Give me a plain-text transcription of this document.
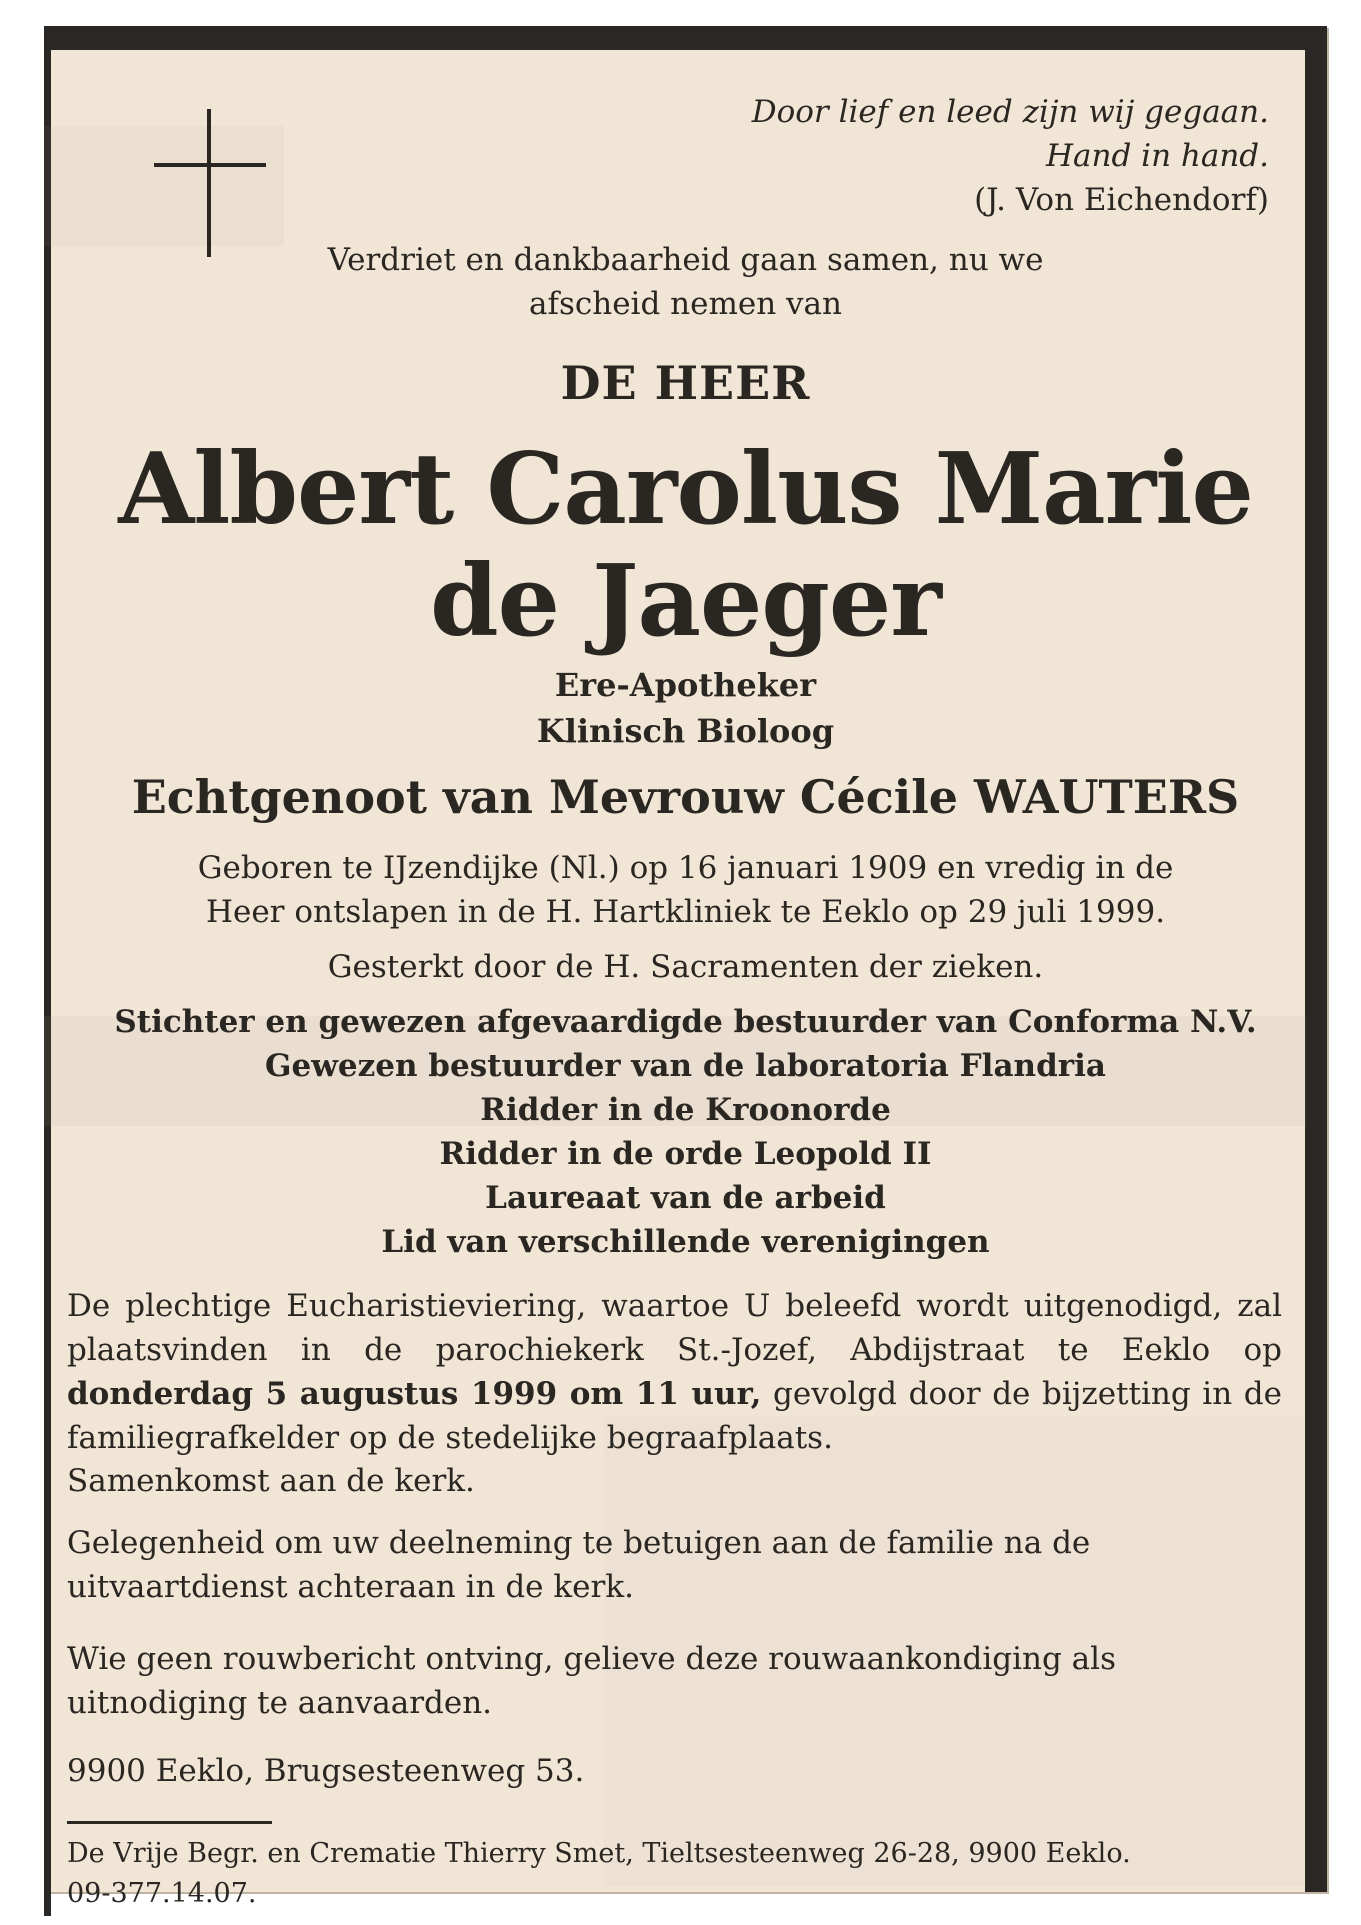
Door lief en leed zijn wij gegaan.
Hand in hand.
(J. Von Eichendorf)
Verdriet en dankbaarheid gaan samen, nu we
afscheid nemen van
DE HEER
Albert Carolus Marie
de Jaeger
Ere-Apotheker
Klinisch Bioloog
Echtgenoot van Mevrouw Cécile WAUTERS
Geboren te IJzendijke (Nl.) op 16 januari 1909 en vredig in de
Heer ontslapen in de H. Hartkliniek te Eeklo op 29 juli 1999.
Gesterkt door de H. Sacramenten der zieken.
Stichter en gewezen afgevaardigde bestuurder van Conforma N.V.
Gewezen bestuurder van de laboratoria Flandria
Ridder in de Kroonorde
Ridder in de orde Leopold II
Laureaat van de arbeid
Lid van verschillende verenigingen
De plechtige Eucharistieviering, waartoe U beleefd wordt uitgenodigd, zal plaatsvinden in de parochiekerk St.-Jozef, Abdijstraat te Eeklo op donderdag 5 augustus 1999 om 11 uur, gevolgd door de bijzetting in de familiegrafkelder op de stedelijke begraafplaats.
Samenkomst aan de kerk.
Gelegenheid om uw deelneming te betuigen aan de familie na de uitvaartdienst achteraan in de kerk.
Wie geen rouwbericht ontving, gelieve deze rouwaankondiging als uitnodiging te aanvaarden.
9900 Eeklo, Brugsesteenweg 53.
De Vrije Begr. en Crematie Thierry Smet, Tieltsesteenweg 26-28, 9900 Eeklo.
09-377.14.07.
